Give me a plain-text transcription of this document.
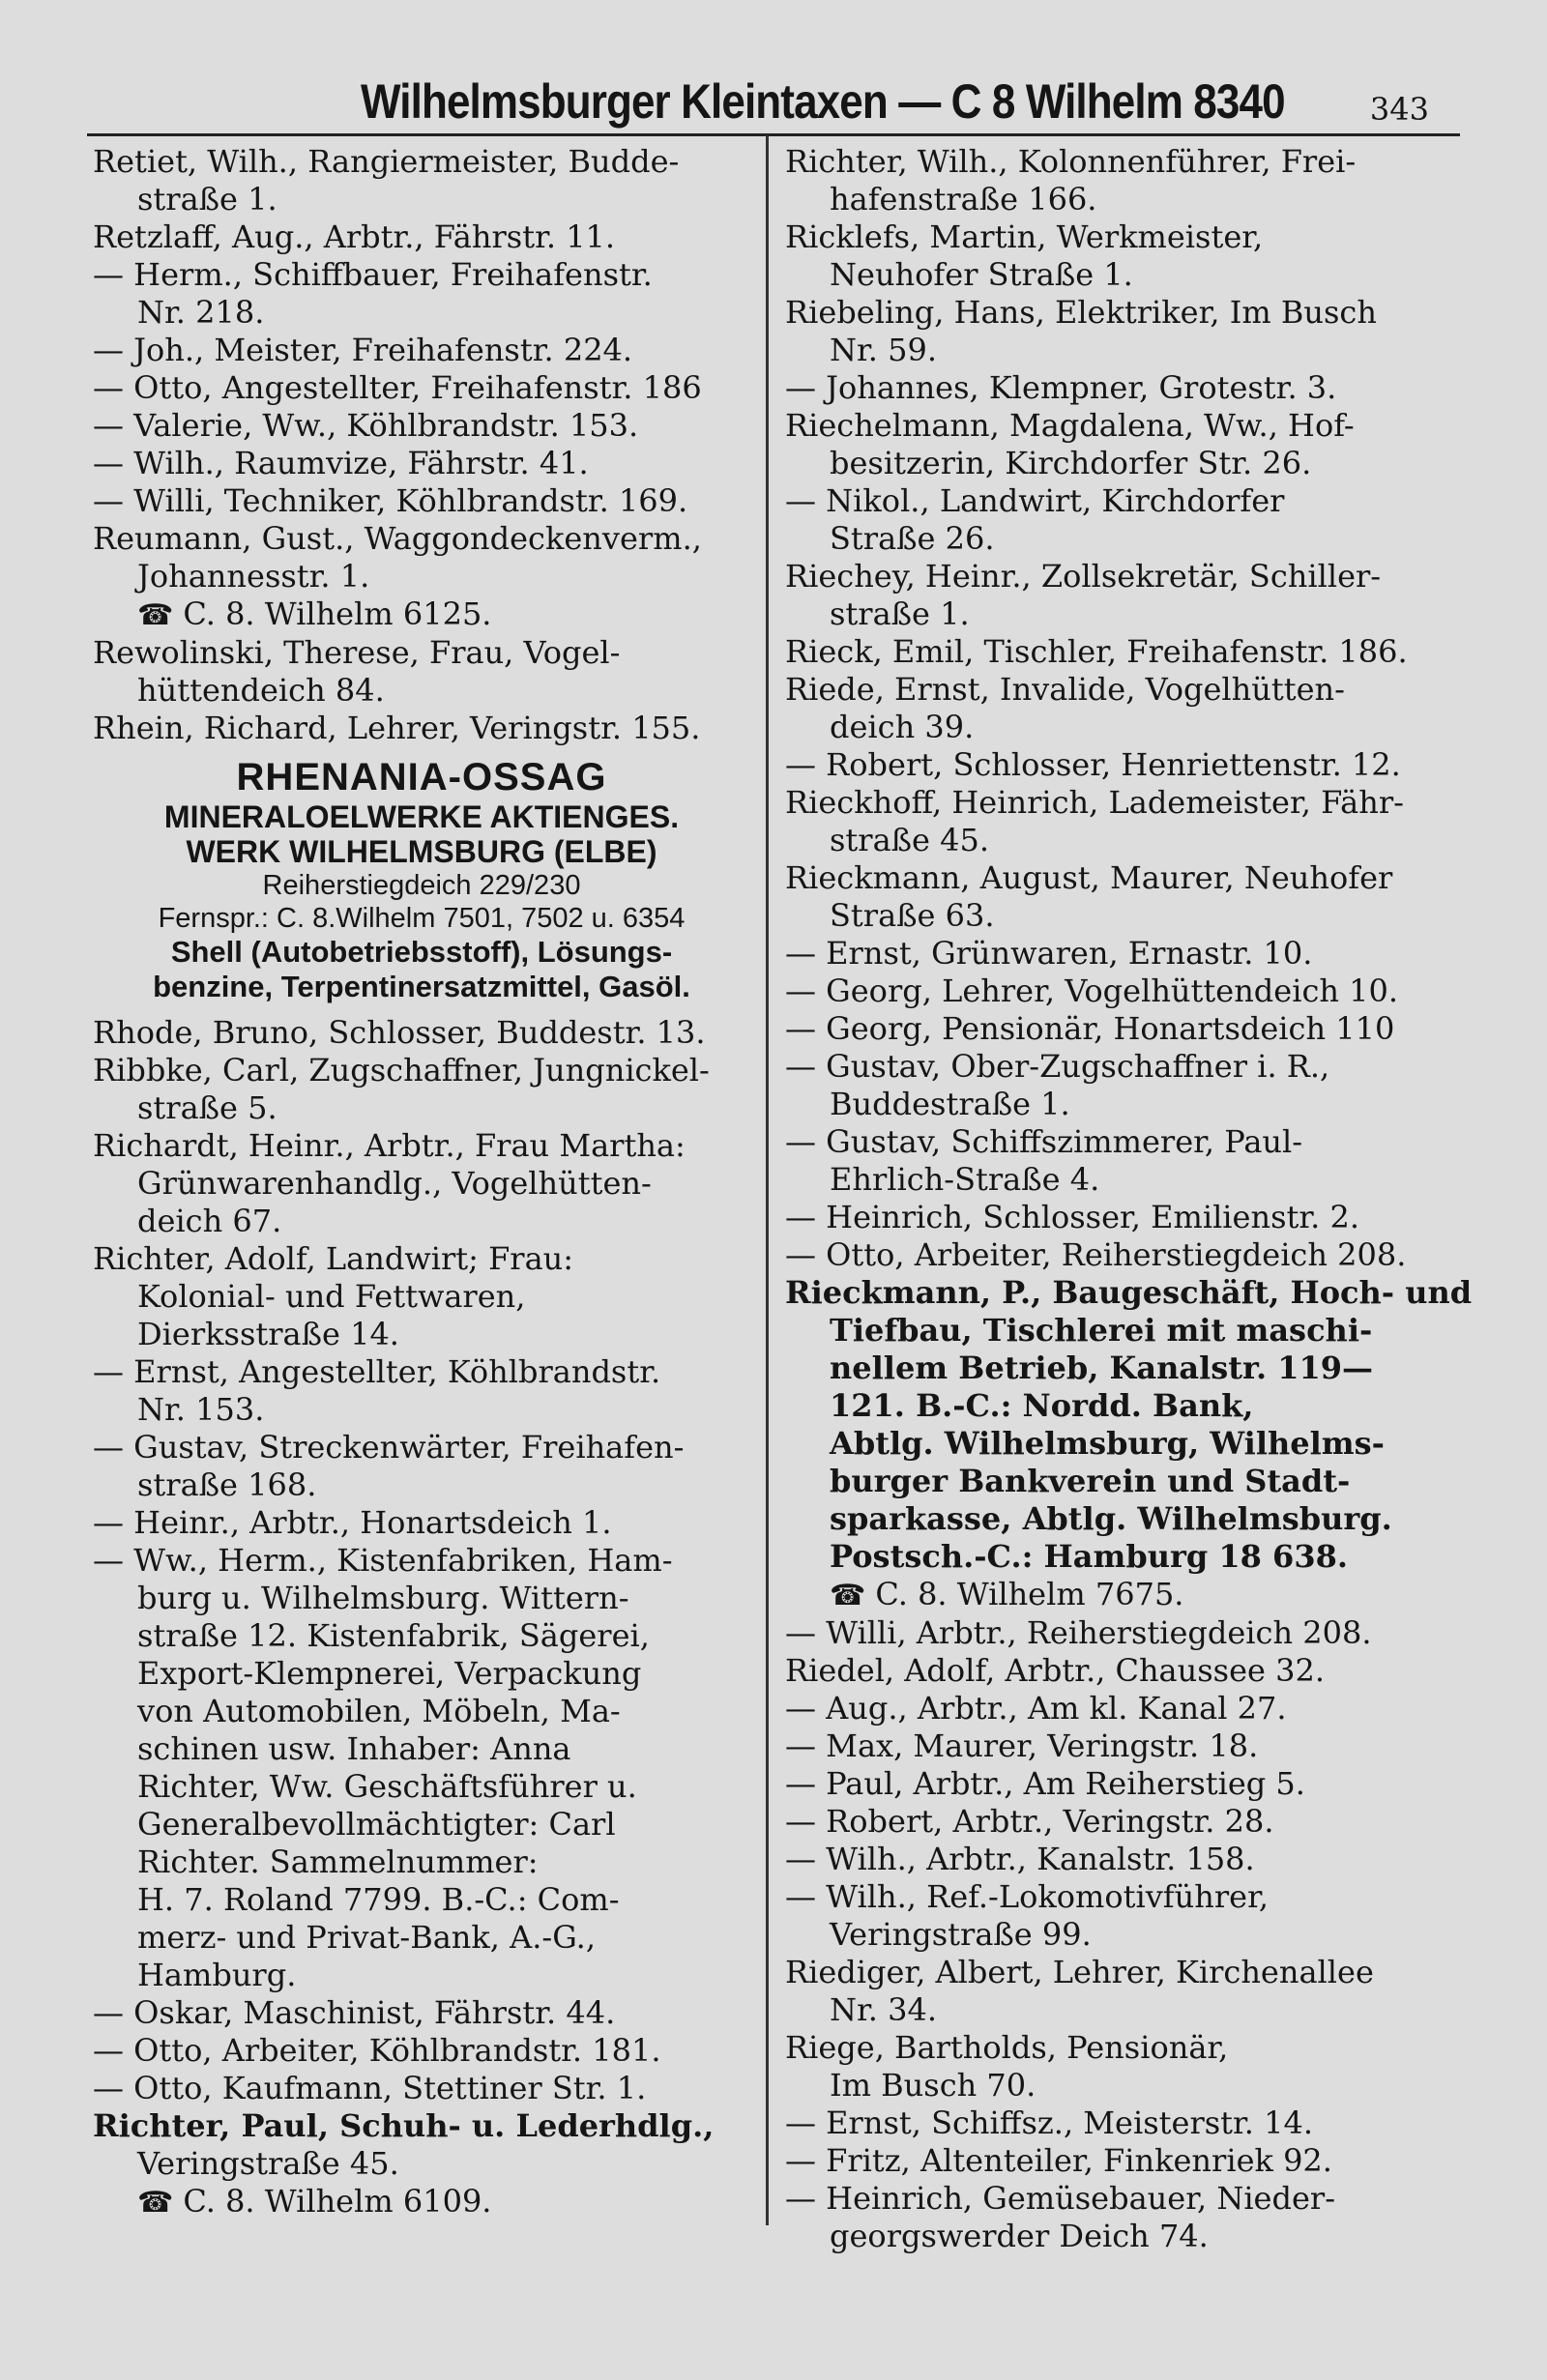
Wilhelmsburger Kleintaxen — C 8 Wilhelm 8340	343
Retiet, Wilh., Rangiermeister, Budde-
straße 1.
Retzlaff, Aug., Arbtr., Fährstr. 11.
— Herm., Schiffbauer, Freihafenstr.
Nr. 218.
— Joh., Meister, Freihafenstr. 224.
— Otto, Angestellter, Freihafenstr. 186
— Valerie, Ww., Köhlbrandstr. 153.
— Wilh., Raumvize, Fährstr. 41.
— Willi, Techniker, Köhlbrandstr. 169.
Reumann, Gust., Waggondeckenverm.,
Johannesstr. 1.
☎ C. 8. Wilhelm 6125.
Rewolinski, Therese, Frau, Vogel-
hüttendeich 84.
Rhein, Richard, Lehrer, Veringstr. 155.
RHENANIA-OSSAG
MINERALOELWERKE AKTIENGES.
WERK WILHELMSBURG (ELBE)
Reiherstiegdeich 229/230
Fernspr.: C. 8.Wilhelm 7501, 7502 u. 6354
Shell (Autobetriebsstoff), Lösungs-
benzine, Terpentinersatzmittel, Gasöl.
Rhode, Bruno, Schlosser, Buddestr. 13.
Ribbke, Carl, Zugschaffner, Jungnickel-
straße 5.
Richardt, Heinr., Arbtr., Frau Martha:
Grünwarenhandlg., Vogelhütten-
deich 67.
Richter, Adolf, Landwirt; Frau:
Kolonial- und Fettwaren,
Dierksstraße 14.
— Ernst, Angestellter, Köhlbrandstr.
Nr. 153.
— Gustav, Streckenwärter, Freihafen-
straße 168.
— Heinr., Arbtr., Honartsdeich 1.
— Ww., Herm., Kistenfabriken, Ham-
burg u. Wilhelmsburg. Wittern-
straße 12. Kistenfabrik, Sägerei,
Export-Klempnerei, Verpackung
von Automobilen, Möbeln, Ma-
schinen usw. Inhaber: Anna
Richter, Ww. Geschäftsführer u.
Generalbevollmächtigter: Carl
Richter. Sammelnummer:
H. 7. Roland 7799. B.-C.: Com-
merz- und Privat-Bank, A.-G.,
Hamburg.
— Oskar, Maschinist, Fährstr. 44.
— Otto, Arbeiter, Köhlbrandstr. 181.
— Otto, Kaufmann, Stettiner Str. 1.
Richter, Paul, Schuh- u. Lederhdlg.,
Veringstraße 45.
☎ C. 8. Wilhelm 6109.
Richter, Wilh., Kolonnenführer, Frei-
hafenstraße 166.
Ricklefs, Martin, Werkmeister,
Neuhofer Straße 1.
Riebeling, Hans, Elektriker, Im Busch
Nr. 59.
— Johannes, Klempner, Grotestr. 3.
Riechelmann, Magdalena, Ww., Hof-
besitzerin, Kirchdorfer Str. 26.
— Nikol., Landwirt, Kirchdorfer
Straße 26.
Riechey, Heinr., Zollsekretär, Schiller-
straße 1.
Rieck, Emil, Tischler, Freihafenstr. 186.
Riede, Ernst, Invalide, Vogelhütten-
deich 39.
— Robert, Schlosser, Henriettenstr. 12.
Rieckhoff, Heinrich, Lademeister, Fähr-
straße 45.
Rieckmann, August, Maurer, Neuhofer
Straße 63.
— Ernst, Grünwaren, Ernastr. 10.
— Georg, Lehrer, Vogelhüttendeich 10.
— Georg, Pensionär, Honartsdeich 110
— Gustav, Ober-Zugschaffner i. R.,
Buddestraße 1.
— Gustav, Schiffszimmerer, Paul-
Ehrlich-Straße 4.
— Heinrich, Schlosser, Emilienstr. 2.
— Otto, Arbeiter, Reiherstiegdeich 208.
Rieckmann, P., Baugeschäft, Hoch- und
Tiefbau, Tischlerei mit maschi-
nellem Betrieb, Kanalstr. 119—
121. B.-C.: Nordd. Bank,
Abtlg. Wilhelmsburg, Wilhelms-
burger Bankverein und Stadt-
sparkasse, Abtlg. Wilhelmsburg.
Postsch.-C.: Hamburg 18 638.
☎ C. 8. Wilhelm 7675.
— Willi, Arbtr., Reiherstiegdeich 208.
Riedel, Adolf, Arbtr., Chaussee 32.
— Aug., Arbtr., Am kl. Kanal 27.
— Max, Maurer, Veringstr. 18.
— Paul, Arbtr., Am Reiherstieg 5.
— Robert, Arbtr., Veringstr. 28.
— Wilh., Arbtr., Kanalstr. 158.
— Wilh., Ref.-Lokomotivführer,
Veringstraße 99.
Riediger, Albert, Lehrer, Kirchenallee
Nr. 34.
Riege, Bartholds, Pensionär,
Im Busch 70.
— Ernst, Schiffsz., Meisterstr. 14.
— Fritz, Altenteiler, Finkenriek 92.
— Heinrich, Gemüsebauer, Nieder-
georgswerder Deich 74.
